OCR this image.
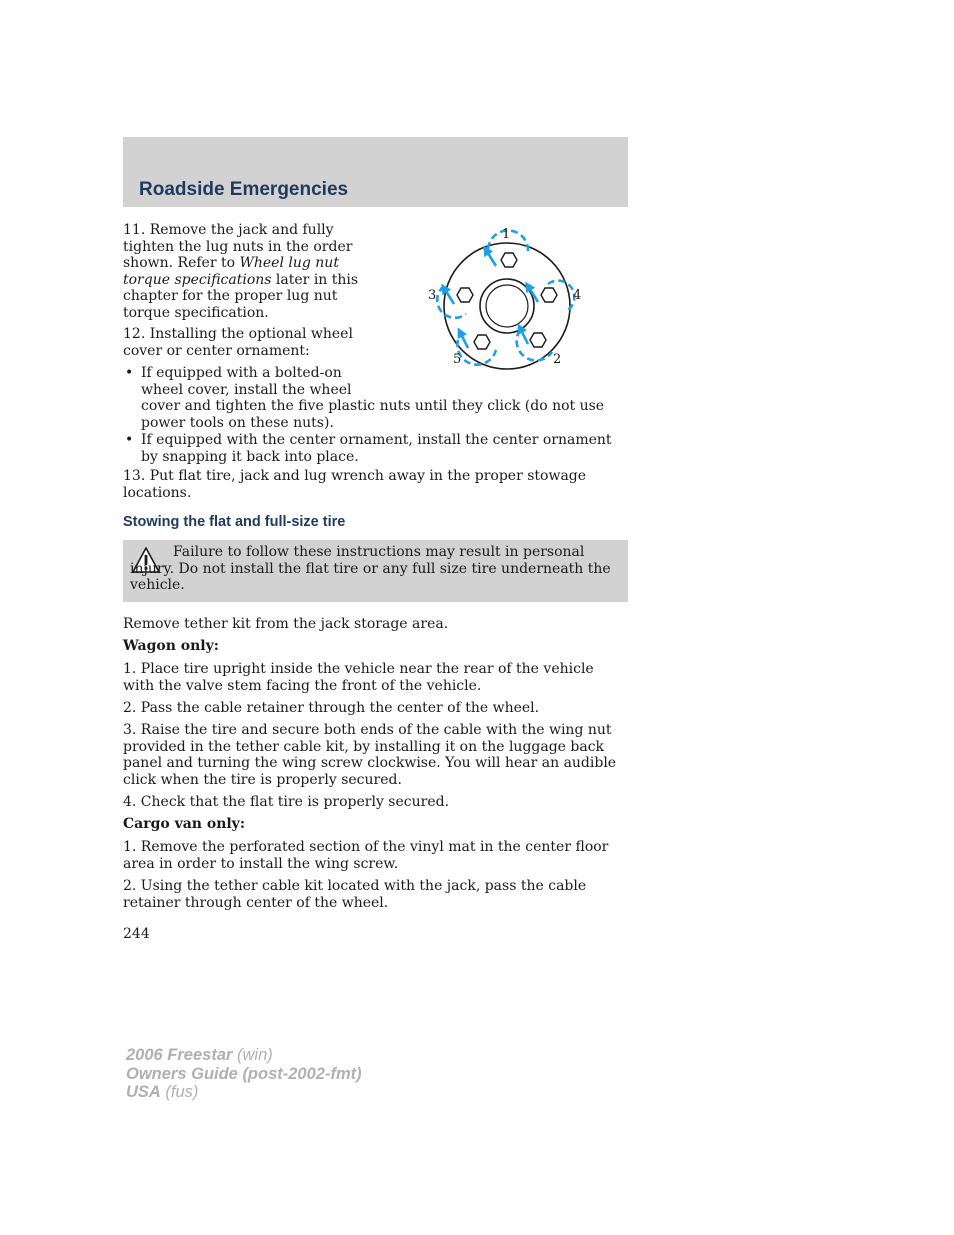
Roadside Emergencies

11. Remove the jack and fully tighten the lug nuts in the order shown. Refer to Wheel lug nut torque specifications later in this chapter for the proper lug nut torque specification.

12. Installing the optional wheel cover or center ornament:

• If equipped with a bolted-on wheel cover, install the wheel
cover and tighten the five plastic nuts until they click (do not use power tools on these nuts).
• If equipped with the center ornament, install the center ornament by snapping it back into place.

13. Put flat tire, jack and lug wrench away in the proper stowage locations.

1
2
3	4
5
Stowing the flat and full-size tire
Failure to follow these instructions may result in personal injury. Do not install the flat tire or any full size tire underneath the vehicle.

Remove tether kit from the jack storage area.

Wagon only:

1. Place tire upright inside the vehicle near the rear of the vehicle with the valve stem facing the front of the vehicle.

2. Pass the cable retainer through the center of the wheel.

3. Raise the tire and secure both ends of the cable with the wing nut provided in the tether cable kit, by installing it on the luggage back panel and turning the wing screw clockwise. You will hear an audible click when the tire is properly secured.

4. Check that the flat tire is properly secured.

Cargo van only:

1. Remove the perforated section of the vinyl mat in the center floor area in order to install the wing screw.

2. Using the tether cable kit located with the jack, pass the cable retainer through center of the wheel.

244
2006 Freestar (win)
Owners Guide (post-2002-fmt)
USA (fus)
